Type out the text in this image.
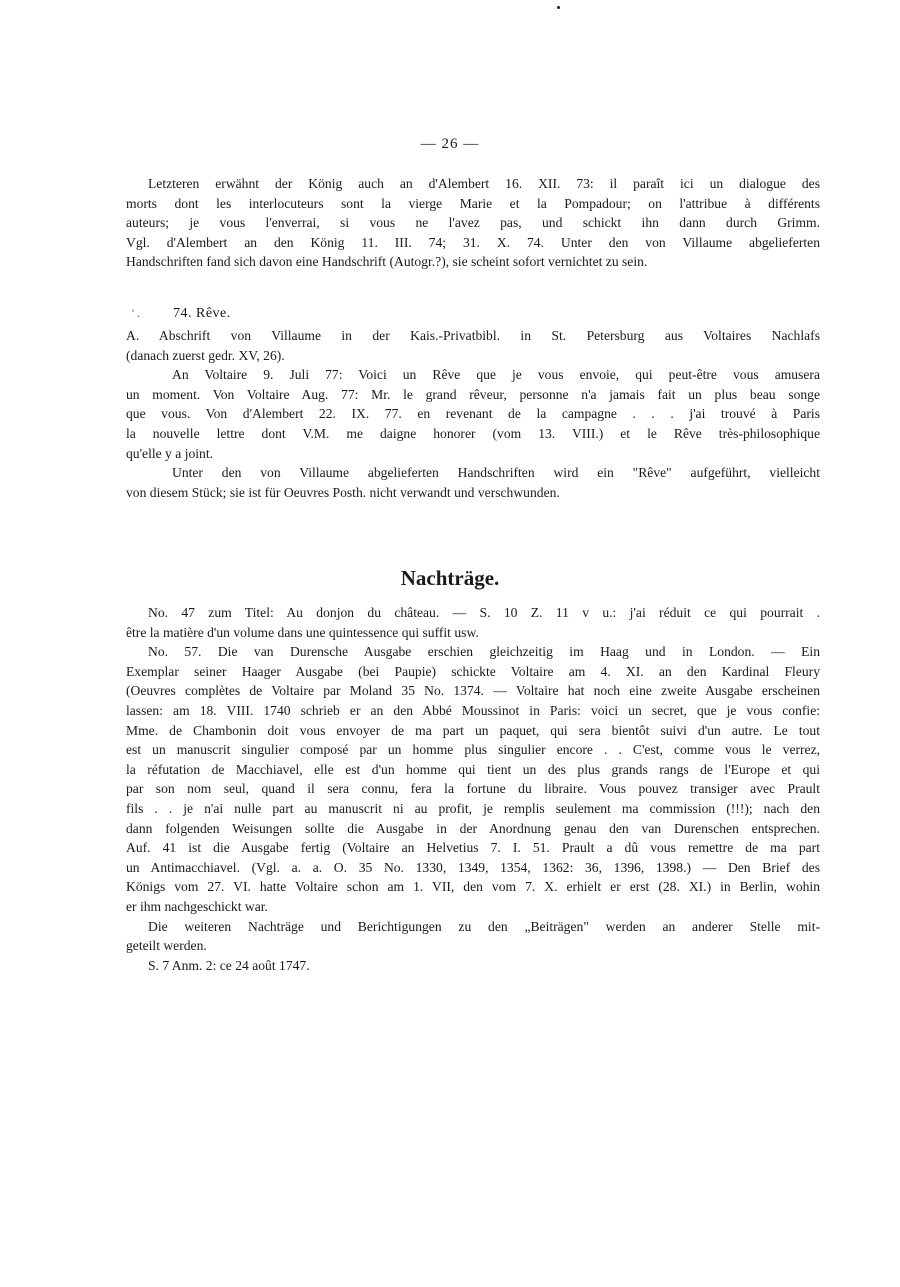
— 26 —
Letzteren erwähnt der König auch an d'Alembert 16. XII. 73: il paraît ici un dialogue des
morts dont les interlocuteurs sont la vierge Marie et la Pompadour; on l'attribue à différents
auteurs; je vous l'enverrai, si vous ne l'avez pas, und schickt ihn dann durch Grimm.
Vgl. d'Alembert an den König 11. III. 74; 31. X. 74. Unter den von Villaume abgelieferten
Handschriften fand sich davon eine Handschrift (Autogr.?), sie scheint sofort vernichtet zu sein.
' . 74. Rêve.
A. Abschrift von Villaume in der Kais.-Privatbibl. in St. Petersburg aus Voltaires Nachlafs
(danach zuerst gedr. XV, 26).
An Voltaire 9. Juli 77: Voici un Rêve que je vous envoie, qui peut-être vous amusera
un moment. Von Voltaire Aug. 77: Mr. le grand rêveur, personne n'a jamais fait un plus beau songe
que vous. Von d'Alembert 22. IX. 77. en revenant de la campagne . . . j'ai trouvé à Paris
la nouvelle lettre dont V.M. me daigne honorer (vom 13. VIII.) et le Rêve très-philosophique
qu'elle y a joint.
Unter den von Villaume abgelieferten Handschriften wird ein "Rêve" aufgeführt, vielleicht
von diesem Stück; sie ist für Oeuvres Posth. nicht verwandt und verschwunden.
Nachträge.
No. 47 zum Titel: Au donjon du château. — S. 10 Z. 11 v u.: j'ai réduit ce qui pourrait .
être la matière d'un volume dans une quintessence qui suffit usw.
No. 57. Die van Durensche Ausgabe erschien gleichzeitig im Haag und in London. — Ein
Exemplar seiner Haager Ausgabe (bei Paupie) schickte Voltaire am 4. XI. an den Kardinal Fleury
(Oeuvres complètes de Voltaire par Moland 35 No. 1374. — Voltaire hat noch eine zweite Ausgabe erscheinen
lassen: am 18. VIII. 1740 schrieb er an den Abbé Moussinot in Paris: voici un secret, que je vous confie:
Mme. de Chambonin doit vous envoyer de ma part un paquet, qui sera bientôt suivi d'un autre. Le tout
est un manuscrit singulier composé par un homme plus singulier encore . . C'est, comme vous le verrez,
la réfutation de Macchiavel, elle est d'un homme qui tient un des plus grands rangs de l'Europe et qui
par son nom seul, quand il sera connu, fera la fortune du libraire. Vous pouvez transiger avec Prault
fils . . je n'ai nulle part au manuscrit ni au profit, je remplis seulement ma commission (!!!); nach den
dann folgenden Weisungen sollte die Ausgabe in der Anordnung genau den van Durenschen entsprechen.
Auf. 41 ist die Ausgabe fertig (Voltaire an Helvetius 7. I. 51. Prault a dû vous remettre de ma part
un Antimacchiavel. (Vgl. a. a. O. 35 No. 1330, 1349, 1354, 1362: 36, 1396, 1398.) — Den Brief des
Königs vom 27. VI. hatte Voltaire schon am 1. VII, den vom 7. X. erhielt er erst (28. XI.) in Berlin, wohin
er ihm nachgeschickt war.
Die weiteren Nachträge und Berichtigungen zu den „Beiträgen" werden an anderer Stelle mit-
geteilt werden.
S. 7 Anm. 2: ce 24 août 1747.
